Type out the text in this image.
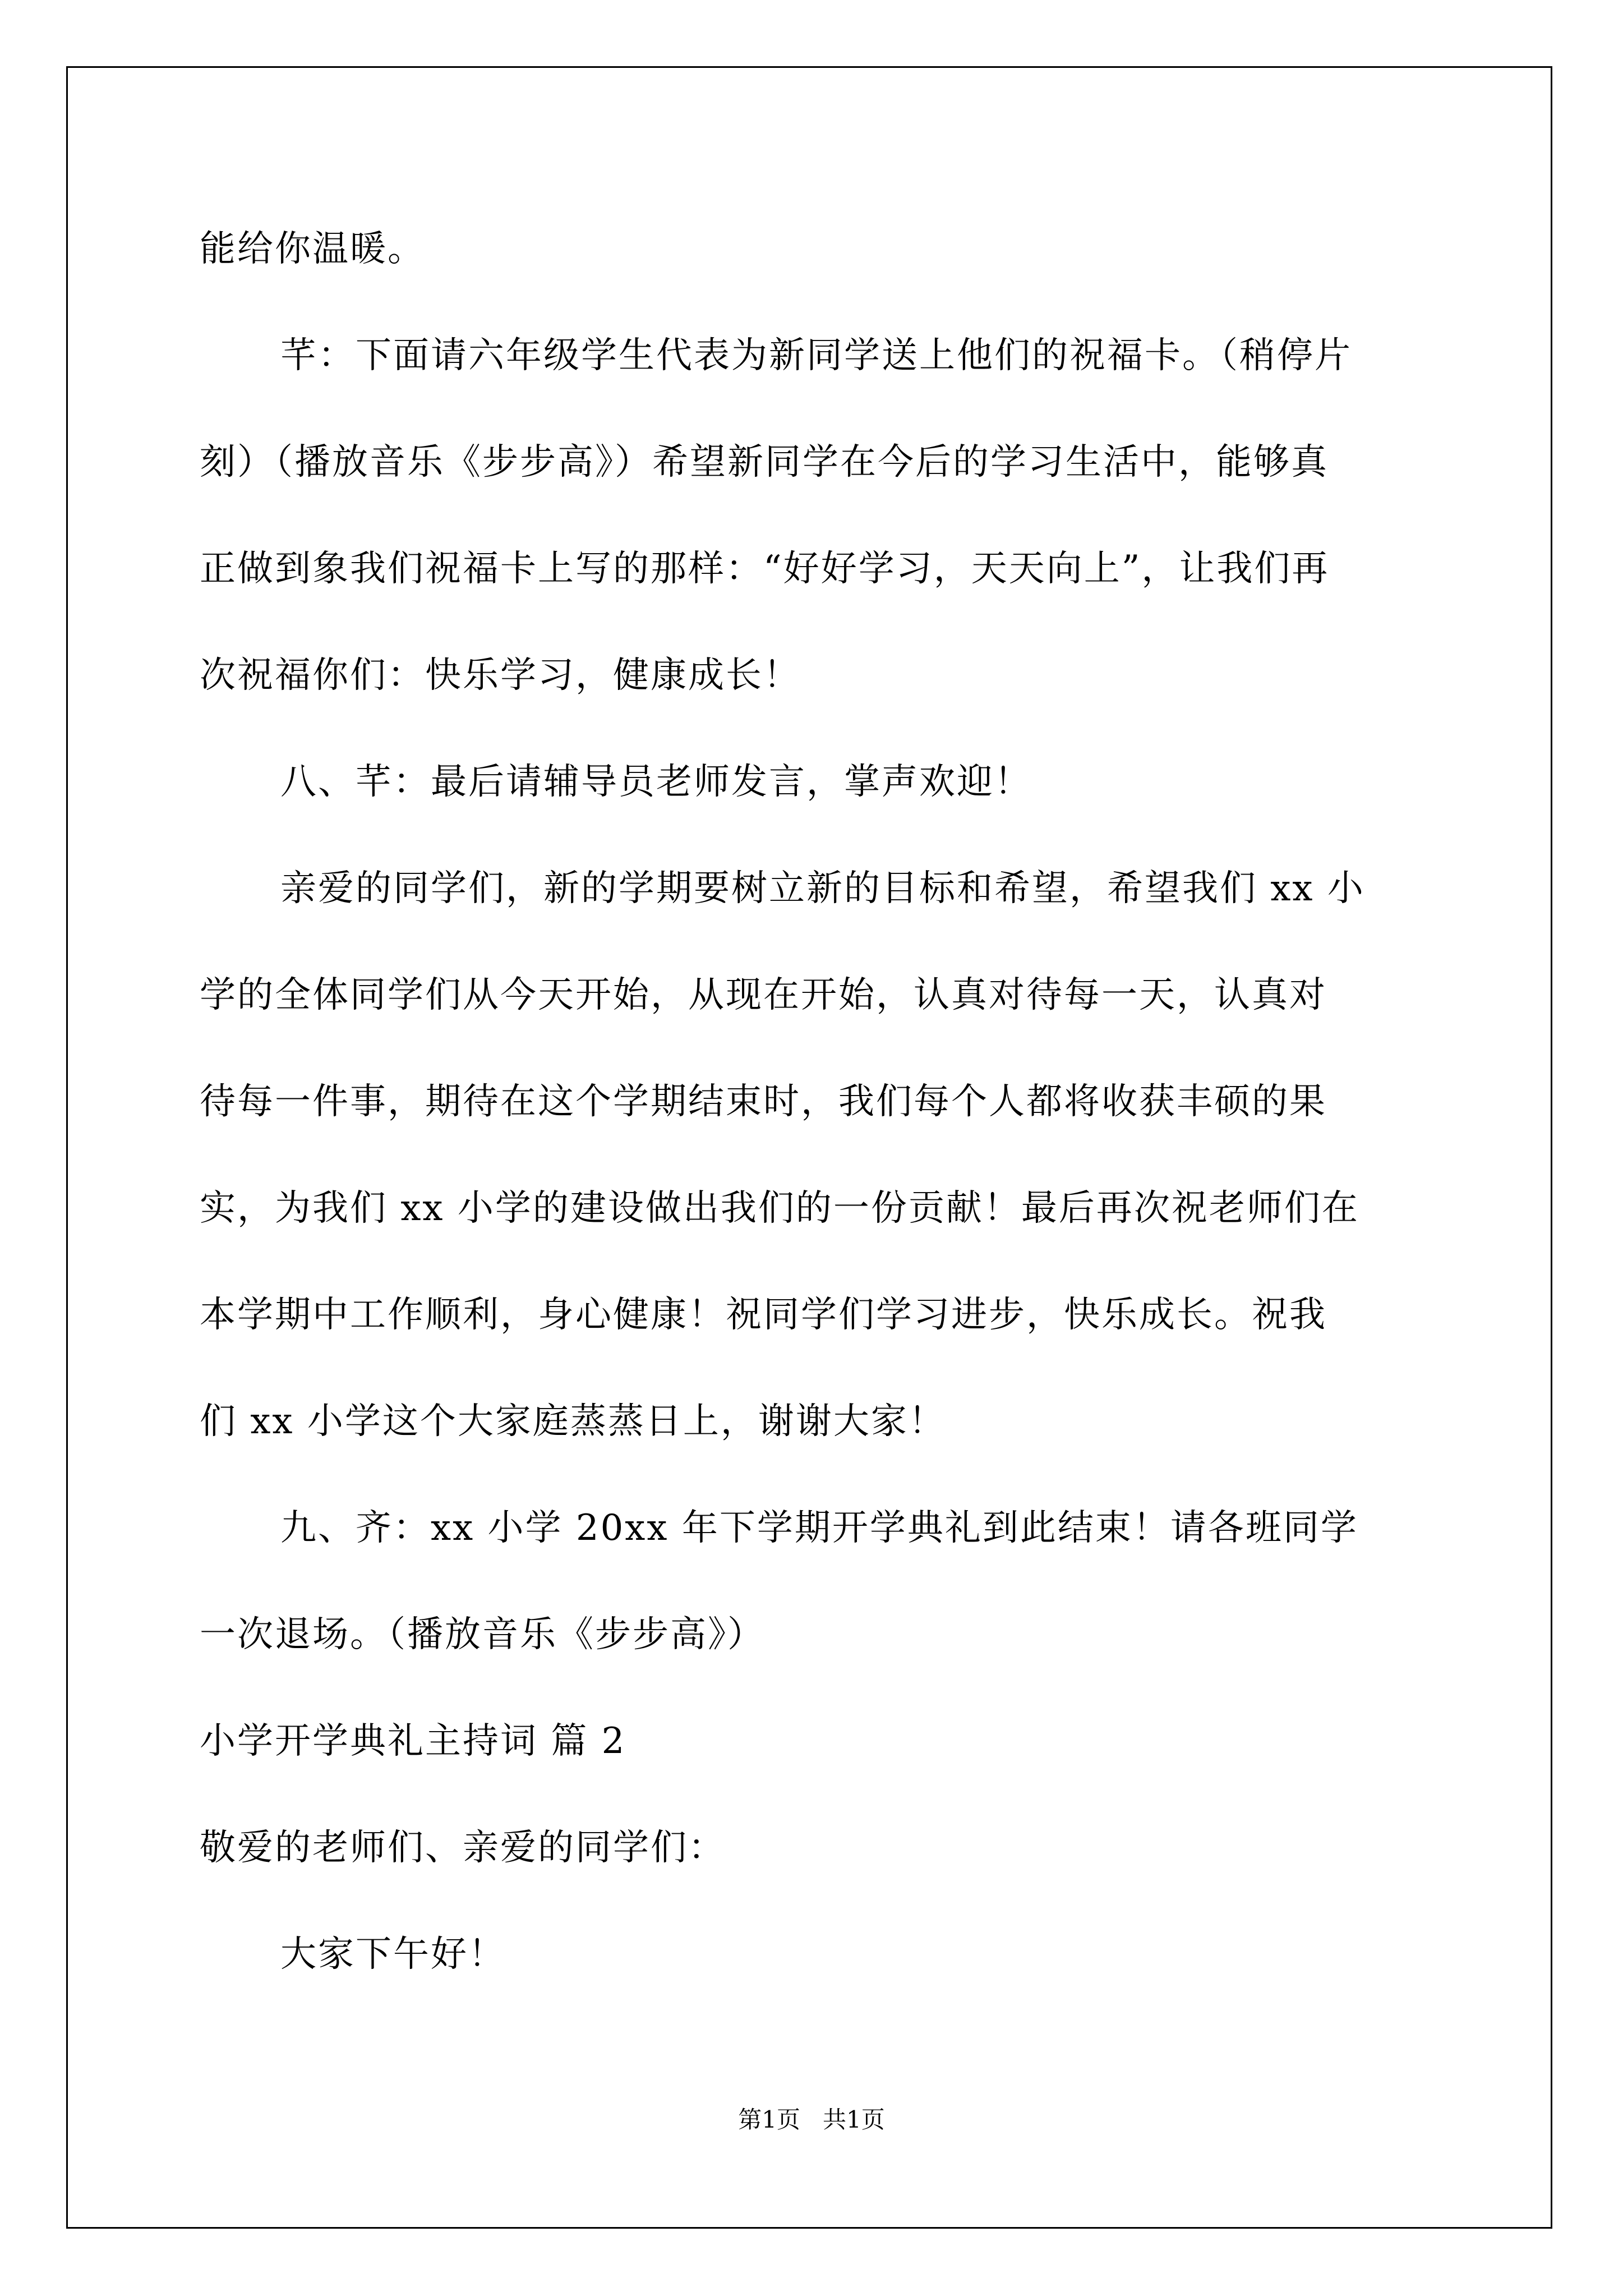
能给你温暖。
芊：下面请六年级学生代表为新同学送上他们的祝福卡。（稍停片
刻）（播放音乐《步步高》）希望新同学在今后的学习生活中，能够真
正做到象我们祝福卡上写的那样：“好好学习，天天向上”，让我们再
次祝福你们：快乐学习，健康成长！
八、芊：最后请辅导员老师发言，掌声欢迎！
亲爱的同学们，新的学期要树立新的目标和希望，希望我们 xx 小
学的全体同学们从今天开始，从现在开始，认真对待每一天，认真对
待每一件事，期待在这个学期结束时，我们每个人都将收获丰硕的果
实，为我们 xx 小学的建设做出我们的一份贡献！最后再次祝老师们在
本学期中工作顺利，身心健康！祝同学们学习进步，快乐成长。祝我
们 xx 小学这个大家庭蒸蒸日上，谢谢大家！
九、齐：xx 小学 20xx 年下学期开学典礼到此结束！请各班同学
一次退场。（播放音乐《步步高》）
小学开学典礼主持词 篇 2
敬爱的老师们、亲爱的同学们：
大家下午好！
第1页 共1页
